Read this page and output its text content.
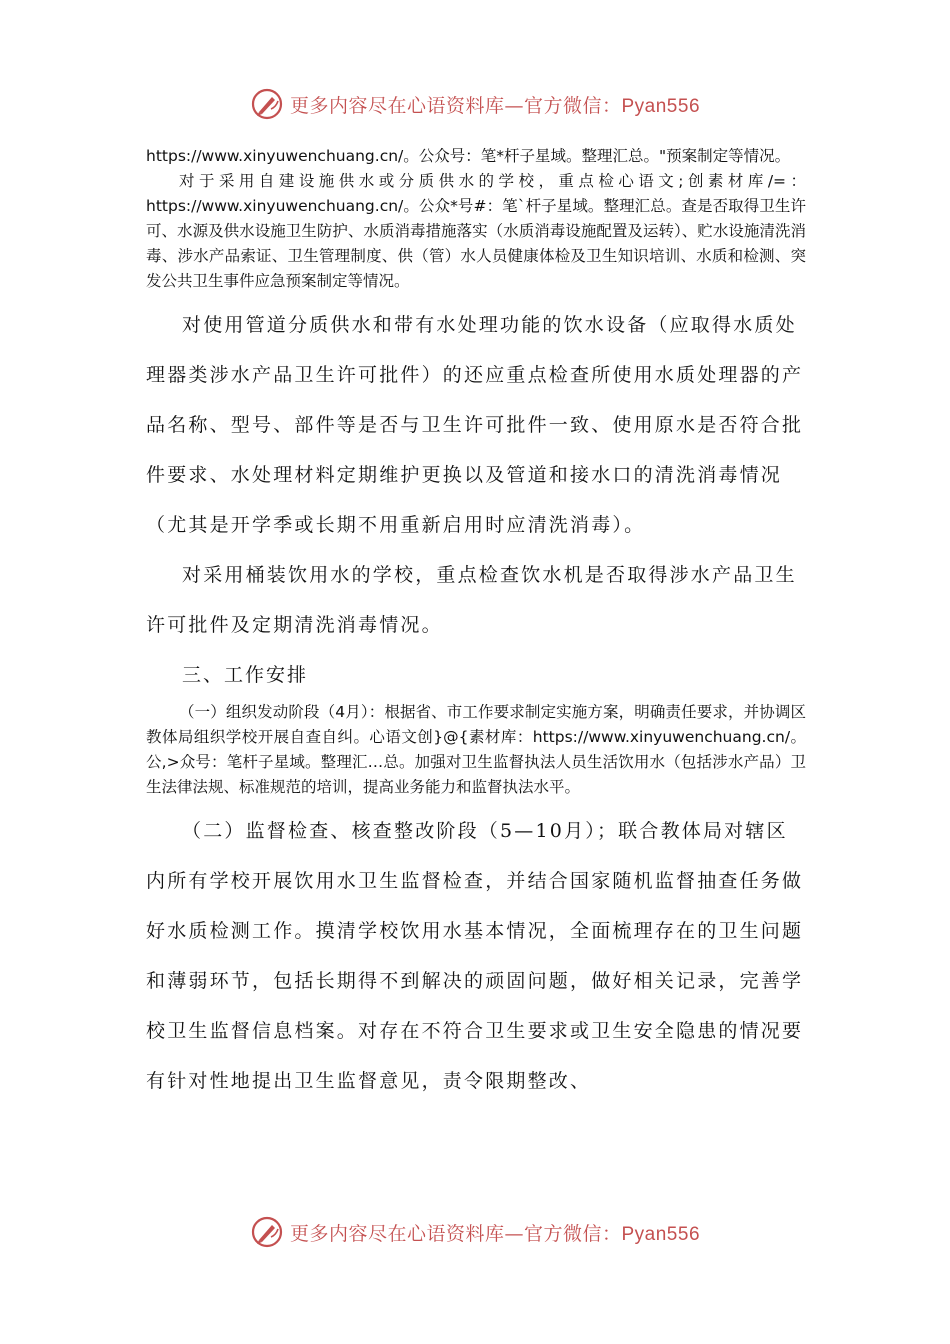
更多内容尽在心语资料库—官方微信：Pyan556

https://www.xinyuwenchuang.cn/。公众号：笔*杆子星域。整理汇总。"预案制定等情况。

对于采用自建设施供水或分质供水的学校，重点检心语文;创素材库/=：https://www.xinyuwenchuang.cn/。公众*号#：笔`杆子星域。整理汇总。查是否取得卫生许可、水源及供水设施卫生防护、水质消毒措施落实（水质消毒设施配置及运转）、贮水设施清洗消毒、涉水产品索证、卫生管理制度、供（管）水人员健康体检及卫生知识培训、水质和检测、突发公共卫生事件应急预案制定等情况。

对使用管道分质供水和带有水处理功能的饮水设备（应取得水质处理器类涉水产品卫生许可批件）的还应重点检查所使用水质处理器的产品名称、型号、部件等是否与卫生许可批件一致、使用原水是否符合批件要求、水处理材料定期维护更换以及管道和接水口的清洗消毒情况（尤其是开学季或长期不用重新启用时应清洗消毒）。

对采用桶装饮用水的学校，重点检查饮水机是否取得涉水产品卫生许可批件及定期清洗消毒情况。

三、工作安排

（一）组织发动阶段（4月）：根据省、市工作要求制定实施方案，明确责任要求，并协调区教体局组织学校开展自查自纠。心语文创}@{素材库：https://www.xinyuwenchuang.cn/。公,>众号：笔杆子星域。整理汇…总。加强对卫生监督执法人员生活饮用水（包括涉水产品）卫生法律法规、标准规范的培训，提高业务能力和监督执法水平。

（二）监督检查、核查整改阶段（5—10月）；联合教体局对辖区内所有学校开展饮用水卫生监督检查，并结合国家随机监督抽查任务做好水质检测工作。摸清学校饮用水基本情况，全面梳理存在的卫生问题和薄弱环节，包括长期得不到解决的顽固问题，做好相关记录，完善学校卫生监督信息档案。对存在不符合卫生要求或卫生安全隐患的情况要有针对性地提出卫生监督意见，责令限期整改、

更多内容尽在心语资料库—官方微信：Pyan556
